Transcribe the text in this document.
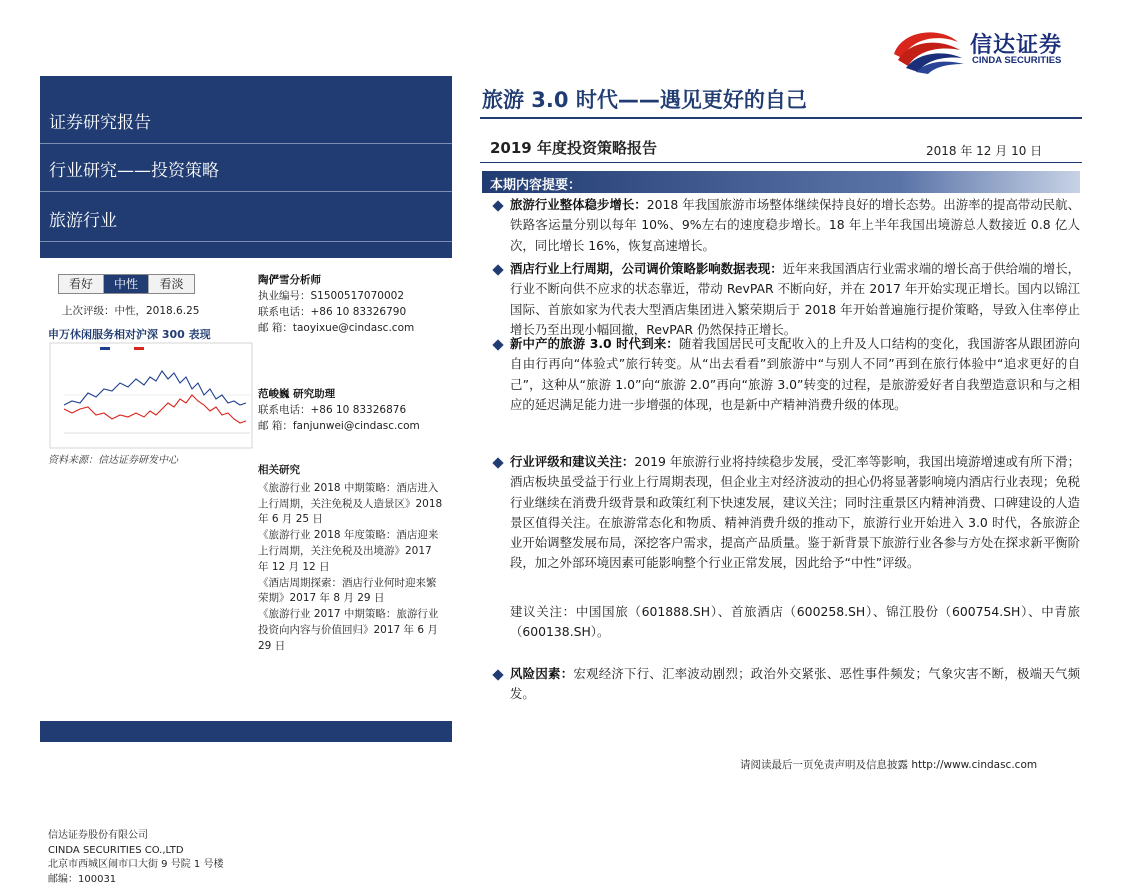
信达证券
CINDA SECURITIES
证券研究报告
行业研究——投资策略
旅游行业
看好	中性	看淡
上次评级：中性，2018.6.25
申万休闲服务相对沪深 300 表现
资料来源：信达证券研发中心
陶俨雪分析师
执业编号：S1500517070002
联系电话：+86 10 83326790
邮 箱：taoyixue@cindasc.com
范峻巍 研究助理
联系电话：+86 10 83326876
邮 箱：fanjunwei@cindasc.com
相关研究
《旅游行业 2018 中期策略：酒店进入上行周期，关注免税及人造景区》2018 年 6 月 25 日
《旅游行业 2018 年度策略：酒店迎来上行周期，关注免税及出境游》2017 年 12 月 12 日
《酒店周期探索：酒店行业何时迎来繁荣期》2017 年 8 月 29 日
《旅游行业 2017 中期策略：旅游行业投资向内容与价值回归》2017 年 6 月 29 日
信达证券股份有限公司
CINDA SECURITIES CO.,LTD
北京市西城区闹市口大街 9 号院 1 号楼
邮编：100031
旅游 3.0 时代——遇见更好的自己
2019 年度投资策略报告	2018 年 12 月 10 日
本期内容提要：
旅游行业整体稳步增长：2018 年我国旅游市场整体继续保持良好的增长态势。出游率的提高带动民航、铁路客运量分别以每年 10%、9%左右的速度稳步增长。18 年上半年我国出境游总人数接近 0.8 亿人次，同比增长 16%，恢复高速增长。
酒店行业上行周期，公司调价策略影响数据表现：近年来我国酒店行业需求端的增长高于供给端的增长，行业不断向供不应求的状态靠近，带动 RevPAR 不断向好，并在 2017 年开始实现正增长。国内以锦江国际、首旅如家为代表大型酒店集团进入繁荣期后于 2018 年开始普遍施行提价策略，导致入住率停止增长乃至出现小幅回撤，RevPAR 仍然保持正增长。
新中产的旅游 3.0 时代到来：随着我国居民可支配收入的上升及人口结构的变化，我国游客从跟团游向自由行再向“体验式”旅行转变。从“出去看看”到旅游中“与别人不同”再到在旅行体验中“追求更好的自己”，这种从“旅游 1.0”向“旅游 2.0”再向“旅游 3.0”转变的过程，是旅游爱好者自我塑造意识和与之相应的延迟满足能力进一步增强的体现，也是新中产精神消费升级的体现。
行业评级和建议关注：2019 年旅游行业将持续稳步发展，受汇率等影响，我国出境游增速或有所下滑；酒店板块虽受益于行业上行周期表现，但企业主对经济波动的担心仍将显著影响境内酒店行业表现；免税行业继续在消费升级背景和政策红利下快速发展，建议关注；同时注重景区内精神消费、口碑建设的人造景区值得关注。在旅游常态化和物质、精神消费升级的推动下，旅游行业开始进入 3.0 时代，各旅游企业开始调整发展布局，深挖客户需求，提高产品质量。鉴于新背景下旅游行业各参与方处在探求新平衡阶段，加之外部环境因素可能影响整个行业正常发展，因此给予“中性”评级。
建议关注：中国国旅（601888.SH）、首旅酒店（600258.SH）、锦江股份（600754.SH）、中青旅（600138.SH）。
风险因素：宏观经济下行、汇率波动剧烈；政治外交紧张、恶性事件频发；气象灾害不断，极端天气频发。
请阅读最后一页免责声明及信息披露 http://www.cindasc.com
